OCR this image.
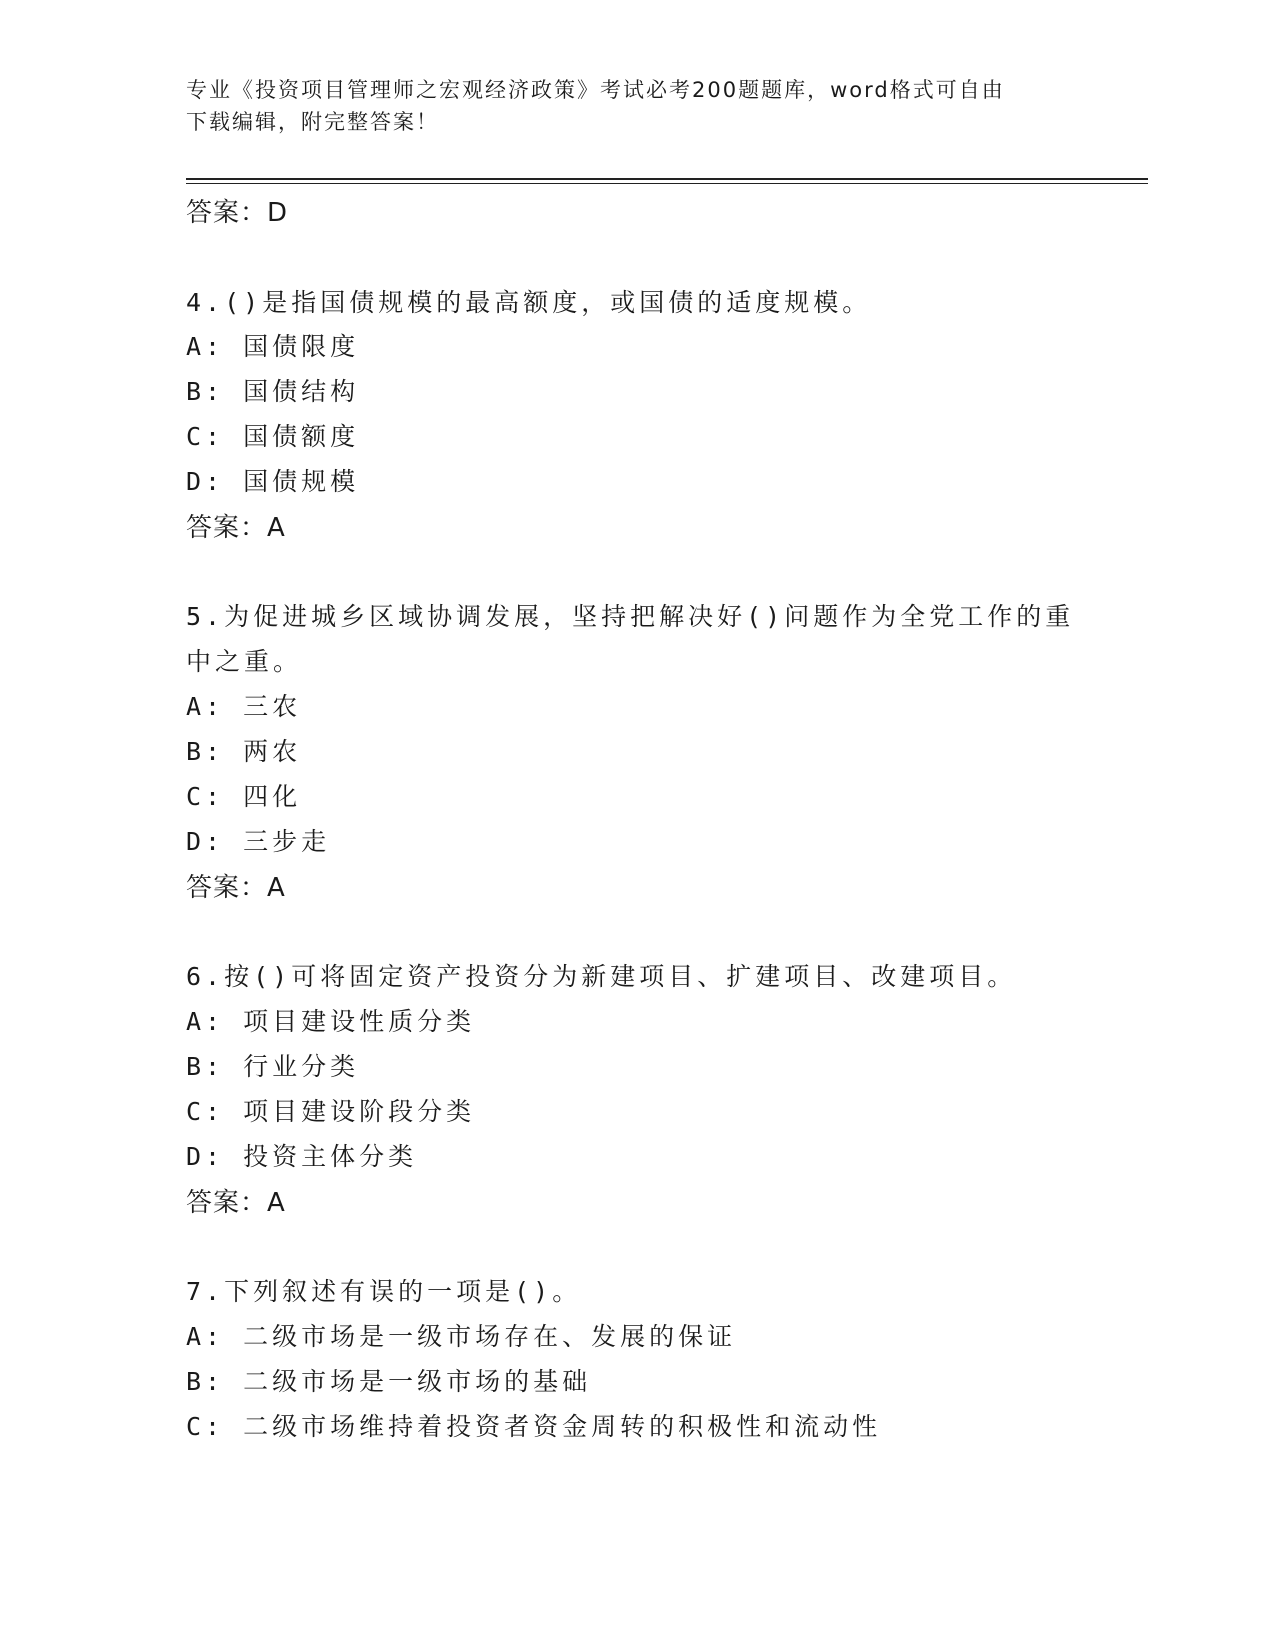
专业《投资项目管理师之宏观经济政策》考试必考200题题库，word格式可自由
下载编辑，附完整答案！
答案：D
4.()是指国债规模的最高额度，或国债的适度规模。
A: 国债限度
B: 国债结构
C: 国债额度
D: 国债规模
答案：A
5.为促进城乡区域协调发展，坚持把解决好()问题作为全党工作的重
中之重。
A: 三农
B: 两农
C: 四化
D: 三步走
答案：A
6.按()可将固定资产投资分为新建项目、扩建项目、改建项目。
A: 项目建设性质分类
B: 行业分类
C: 项目建设阶段分类
D: 投资主体分类
答案：A
7.下列叙述有误的一项是()。
A: 二级市场是一级市场存在、发展的保证
B: 二级市场是一级市场的基础
C: 二级市场维持着投资者资金周转的积极性和流动性
